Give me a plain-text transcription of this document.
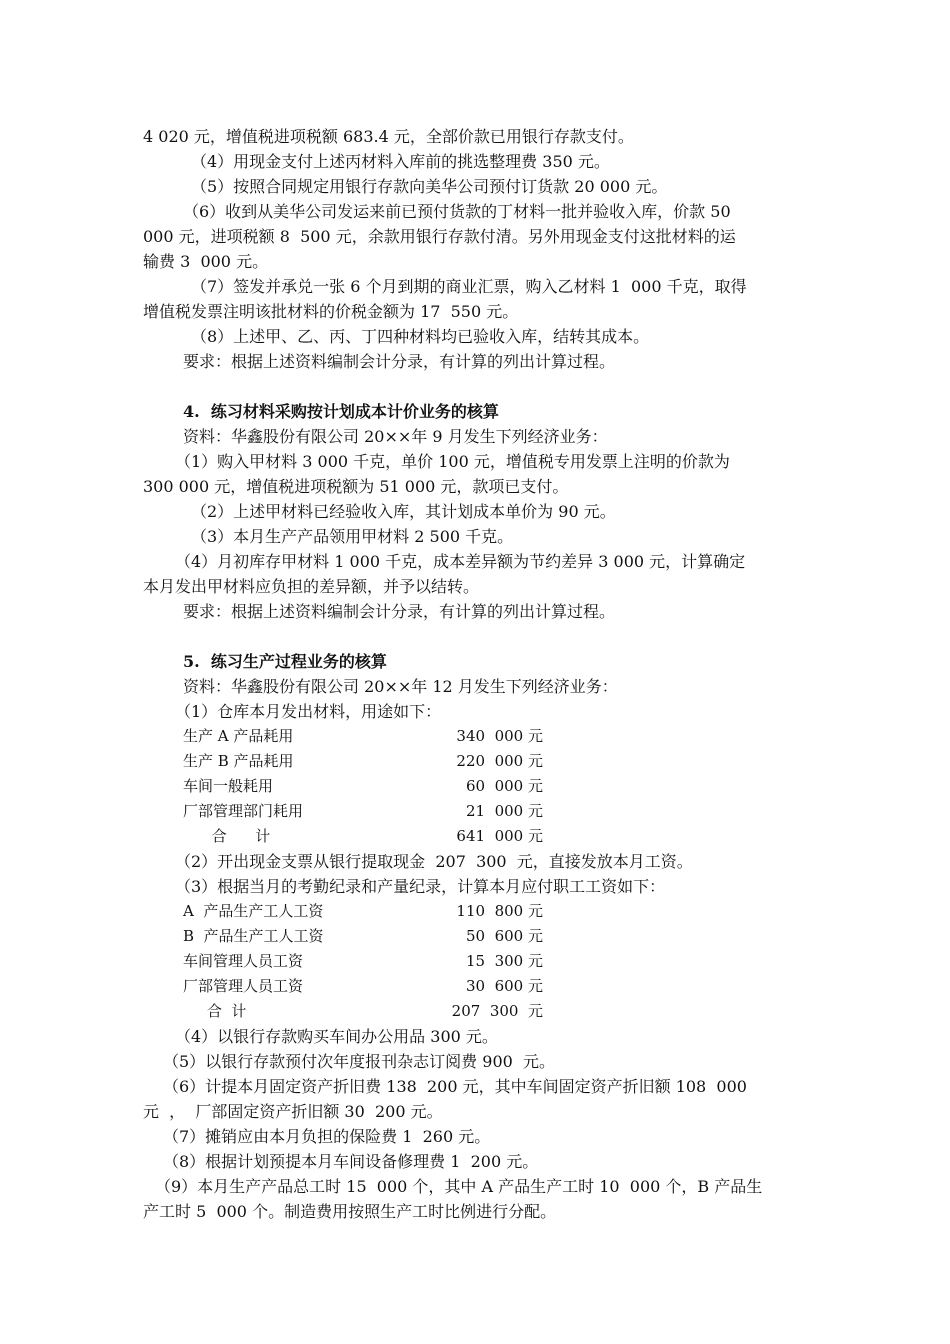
4 020 元，增值税进项税额 683.4 元，全部价款已用银行存款支付。
（4）用现金支付上述丙材料入库前的挑选整理费 350 元。
（5）按照合同规定用银行存款向美华公司预付订货款 20 000 元。
（6）收到从美华公司发运来前已预付货款的丁材料一批并验收入库，价款 50
000 元，进项税额 8  500 元，余款用银行存款付清。另外用现金支付这批材料的运
输费 3  000 元。
（7）签发并承兑一张 6 个月到期的商业汇票，购入乙材料 1  000 千克，取得
增值税发票注明该批材料的价税金额为 17  550 元。
（8）上述甲、乙、丙、丁四种材料均已验收入库，结转其成本。
要求：根据上述资料编制会计分录，有计算的列出计算过程。
4.  练习材料采购按计划成本计价业务的核算
资料：华鑫股份有限公司 20××年 9 月发生下列经济业务：
（1）购入甲材料 3 000 千克，单价 100 元，增值税专用发票上注明的价款为
300 000 元，增值税进项税额为 51 000 元，款项已支付。
（2）上述甲材料已经验收入库，其计划成本单价为 90 元。
（3）本月生产产品领用甲材料 2 500 千克。
（4）月初库存甲材料 1 000 千克，成本差异额为节约差异 3 000 元，计算确定
本月发出甲材料应负担的差异额，并予以结转。
要求：根据上述资料编制会计分录，有计算的列出计算过程。
5.  练习生产过程业务的核算
资料：华鑫股份有限公司 20××年 12 月发生下列经济业务：
（1）仓库本月发出材料，用途如下：
生产 A 产品耗用	340  000 元
生产 B 产品耗用	220  000 元
车间一般耗用	60  000 元
厂部管理部门耗用	21  000 元
合      计	641  000 元
（2）开出现金支票从银行提取现金  207  300  元，直接发放本月工资。
（3）根据当月的考勤纪录和产量纪录，计算本月应付职工工资如下：
A  产品生产工人工资	110  800 元
B  产品生产工人工资	50  600 元
车间管理人员工资	15  300 元
厂部管理人员工资	30  600 元
合  计	207  300  元
（4）以银行存款购买车间办公用品 300 元。
（5）以银行存款预付次年度报刊杂志订阅费 900  元。
（6）计提本月固定资产折旧费 138  200 元，其中车间固定资产折旧额 108  000
元  ，  厂部固定资产折旧额 30  200 元。
（7）摊销应由本月负担的保险费 1  260 元。
（8）根据计划预提本月车间设备修理费 1  200 元。
（9）本月生产产品总工时 15  000 个，其中 A 产品生产工时 10  000 个，B 产品生
产工时 5  000 个。制造费用按照生产工时比例进行分配。
